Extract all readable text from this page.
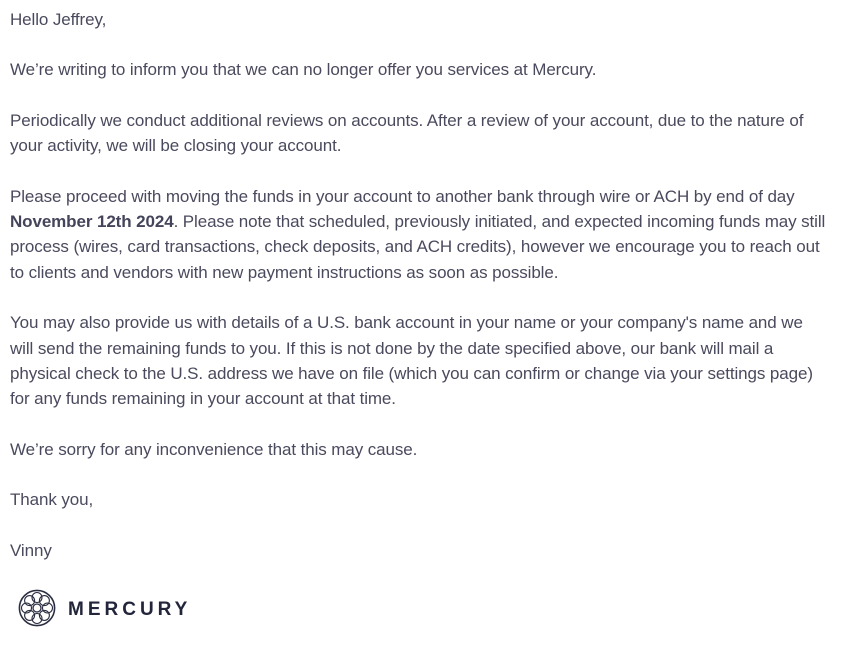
Hello Jeffrey,

We’re writing to inform you that we can no longer offer you services at Mercury.

Periodically we conduct additional reviews on accounts. After a review of your account, due to the nature of your activity, we will be closing your account.

Please proceed with moving the funds in your account to another bank through wire or ACH by end of day November 12th 2024. Please note that scheduled, previously initiated, and expected incoming funds may still process (wires, card transactions, check deposits, and ACH credits), however we encourage you to reach out to clients and vendors with new payment instructions as soon as possible.

You may also provide us with details of a U.S. bank account in your name or your company's name and we will send the remaining funds to you. If this is not done by the date specified above, our bank will mail a physical check to the U.S. address we have on file (which you can confirm or change via your settings page) for any funds remaining in your account at that time.

We’re sorry for any inconvenience that this may cause.

Thank you,

Vinny

MERCURY
